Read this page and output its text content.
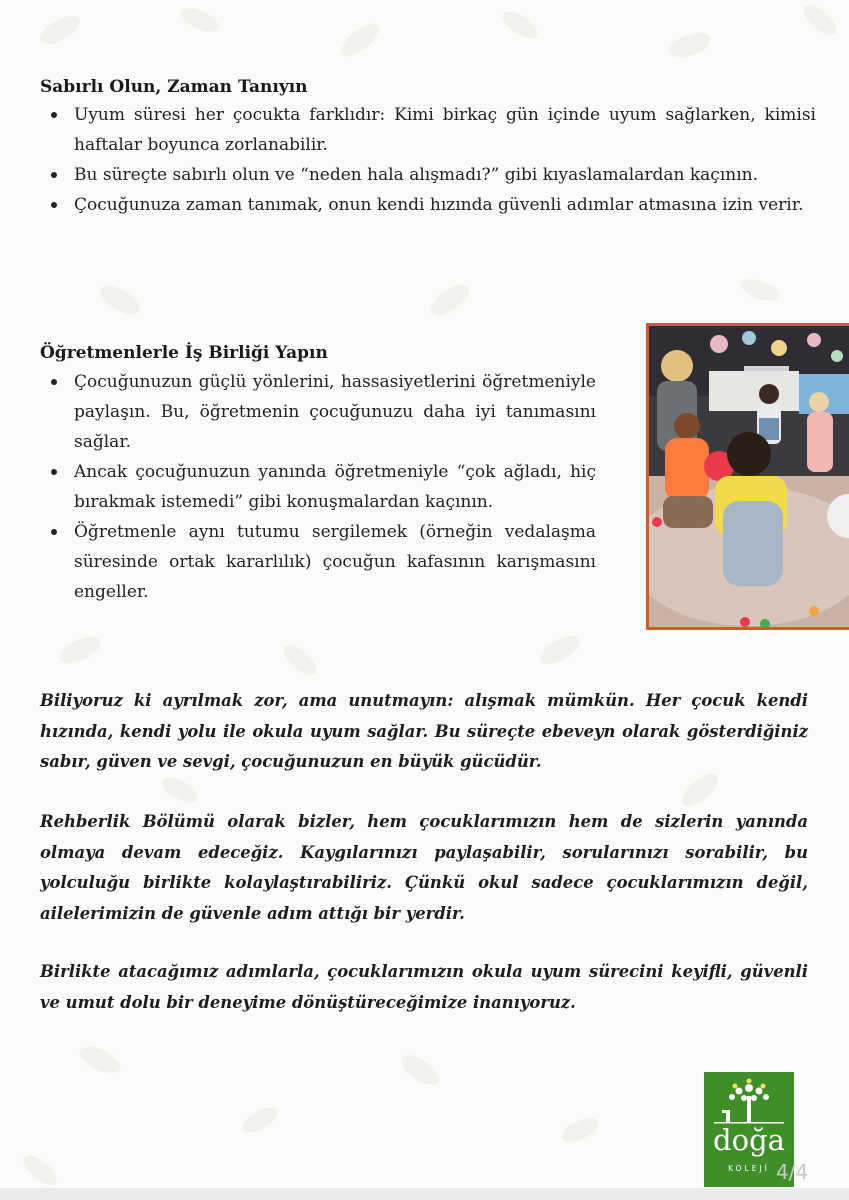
Sabırlı Olun, Zaman Tanıyın
Uyum süresi her çocukta farklıdır: Kimi birkaç gün içinde uyum sağlarken, kimisi haftalar boyunca zorlanabilir.
Bu süreçte sabırlı olun ve “neden hala alışmadı?” gibi kıyaslamalardan kaçının.
Çocuğunuza zaman tanımak, onun kendi hızında güvenli adımlar atmasına izin verir.
Öğretmenlerle İş Birliği Yapın
Çocuğunuzun güçlü yönlerini, hassasiyetlerini öğretmeniyle paylaşın. Bu, öğretmenin çocuğunuzu daha iyi tanımasını sağlar.
Ancak çocuğunuzun yanında öğretmeniyle “çok ağladı, hiç bırakmak istemedi” gibi konuşmalardan kaçının.
Öğretmenle aynı tutumu sergilemek (örneğin vedalaşma süresinde ortak kararlılık) çocuğun kafasının karışmasını engeller.

Biliyoruz ki ayrılmak zor, ama unutmayın: alışmak mümkün. Her çocuk kendi hızında, kendi yolu ile okula uyum sağlar. Bu süreçte ebeveyn olarak gösterdiğiniz sabır, güven ve sevgi, çocuğunuzun en büyük gücüdür.

Rehberlik Bölümü olarak bizler, hem çocuklarımızın hem de sizlerin yanında olmaya devam edeceğiz. Kaygılarınızı paylaşabilir, sorularınızı sorabilir, bu yolculuğu birlikte kolaylaştırabiliriz. Çünkü okul sadece çocuklarımızın değil, ailelerimizin de güvenle adım attığı bir yerdir.

Birlikte atacağımız adımlarla, çocuklarımızın okula uyum sürecini keyifli, güvenli ve umut dolu bir deneyime dönüştüreceğimize inanıyoruz.

doğa
KOLEJİ 4/4
